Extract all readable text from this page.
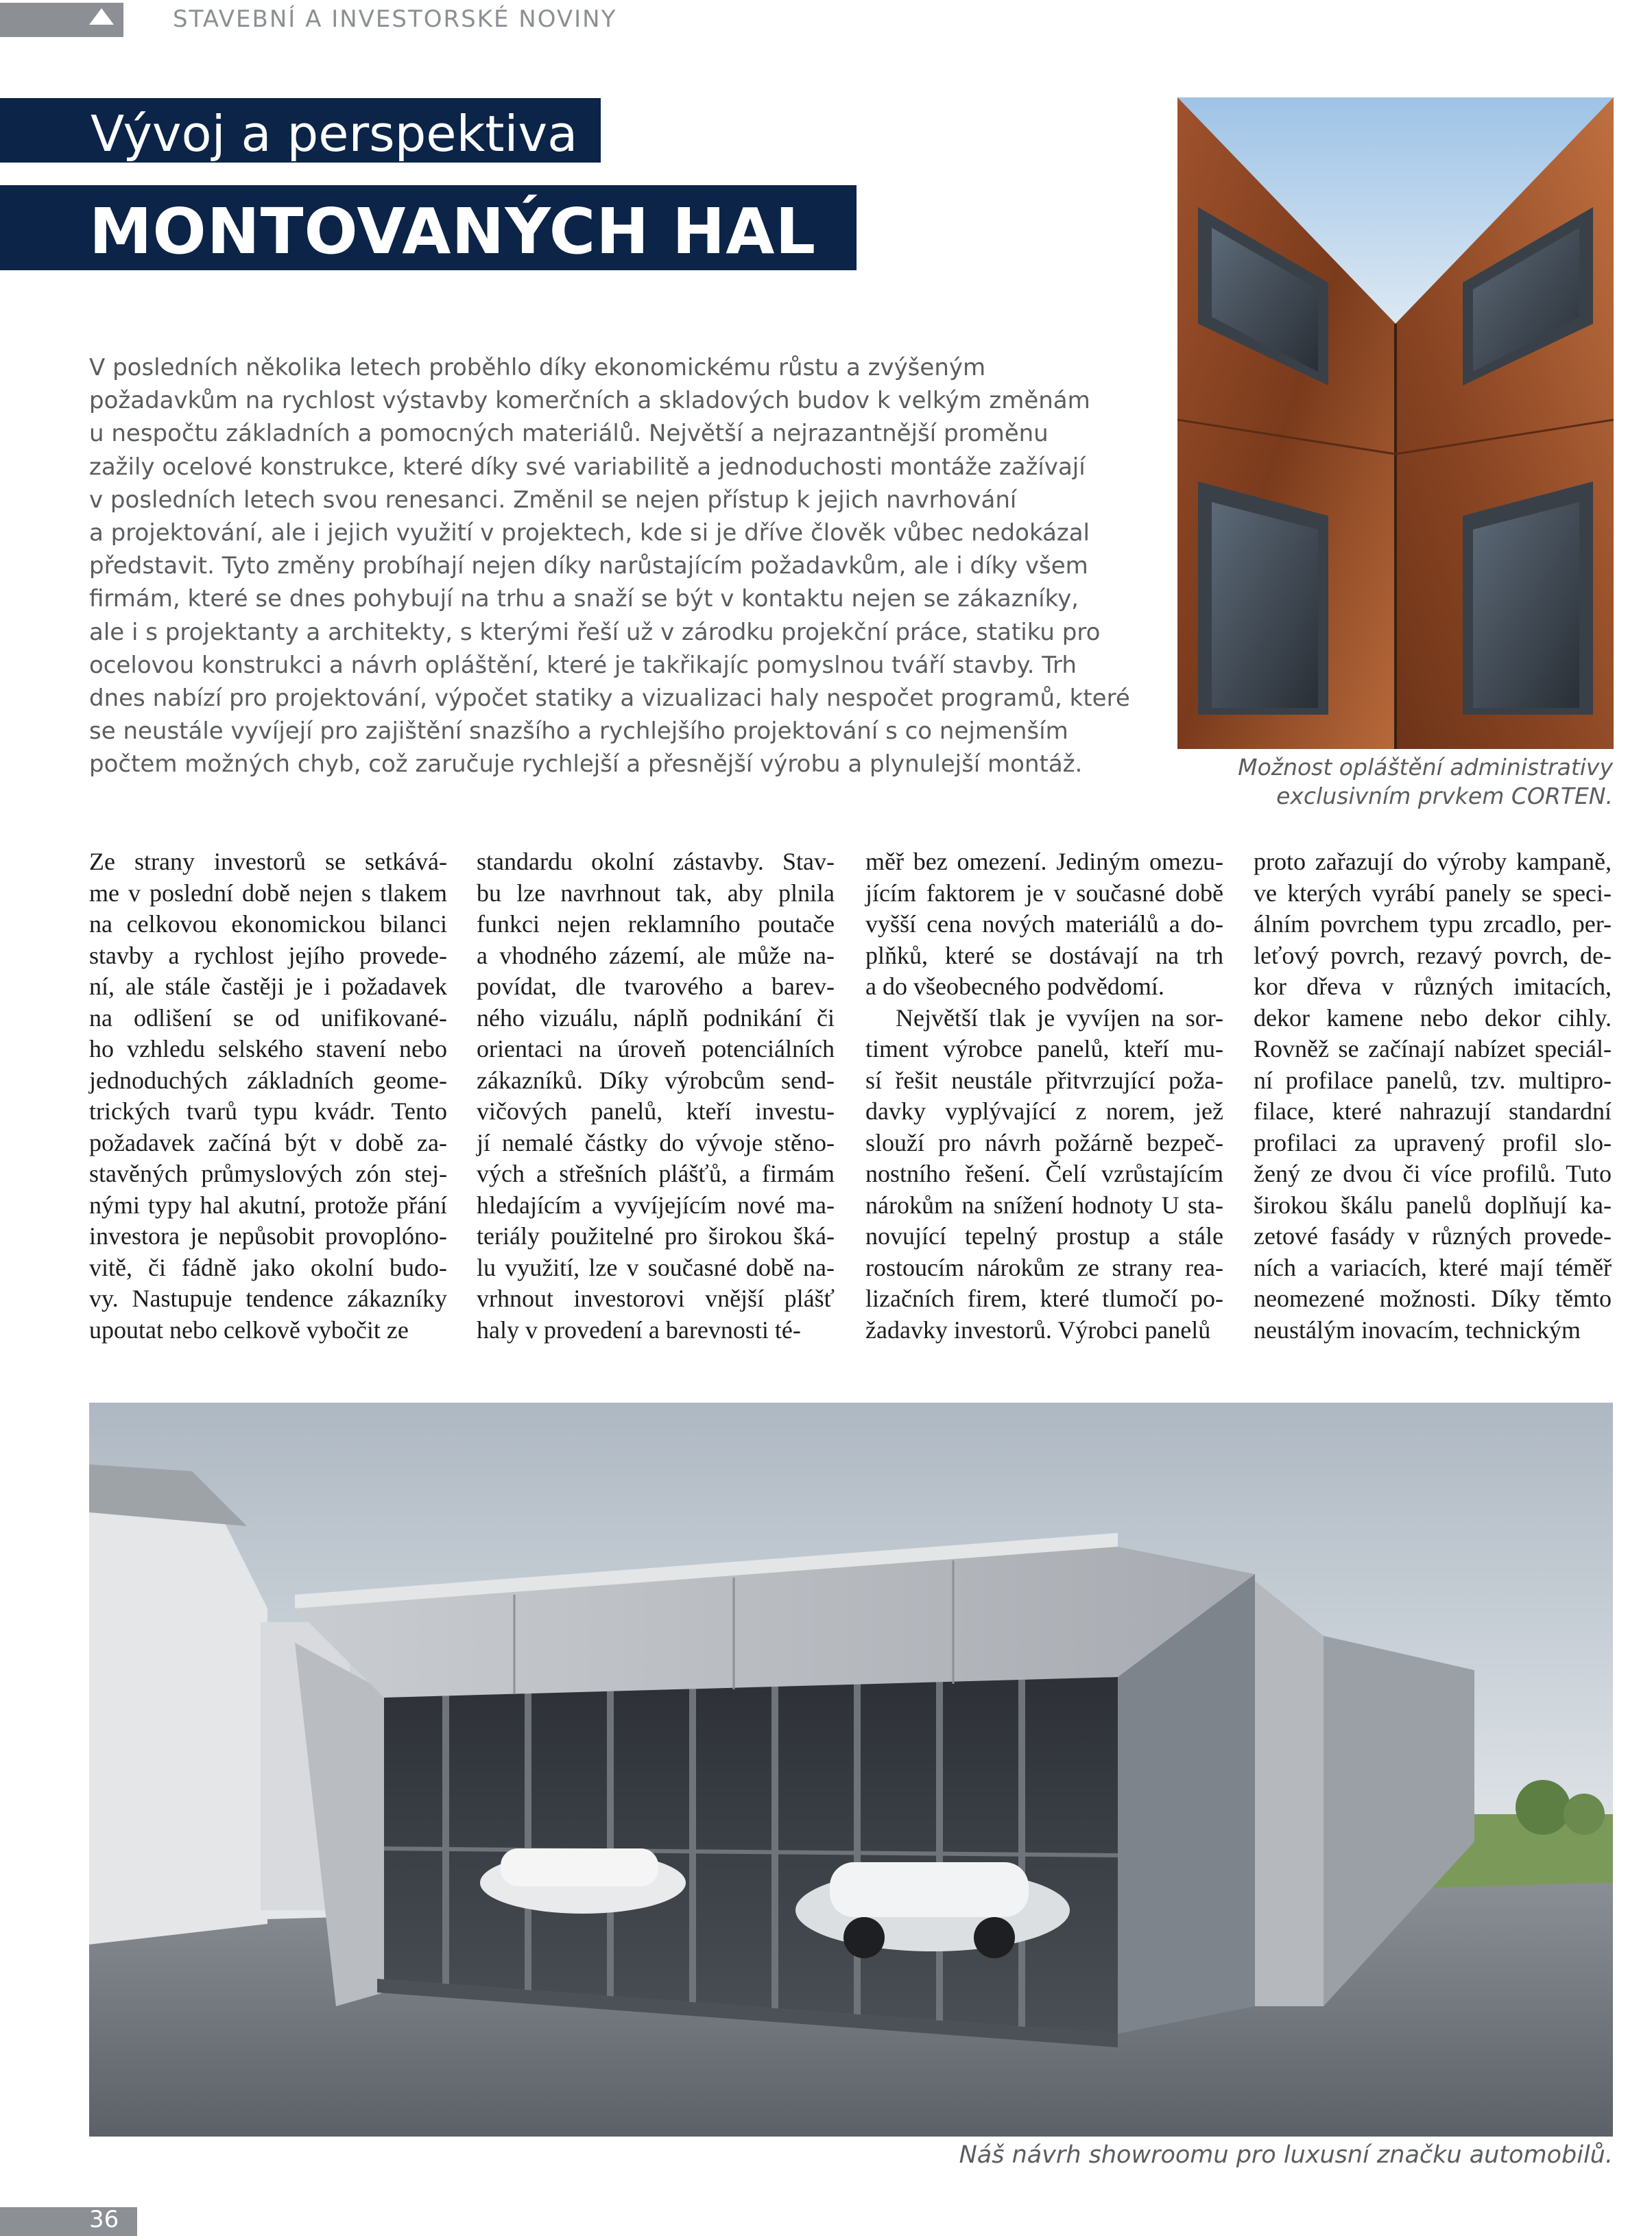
STAVEBNÍ A INVESTORSKÉ NOVINY
Vývoj a perspektiva
MONTOVANÝCH HAL
V posledních několika letech proběhlo díky ekonomickému růstu a zvýšeným
požadavkům na rychlost výstavby komerčních a skladových budov k velkým změnám
u nespočtu základních a pomocných materiálů. Největší a nejrazantnější proměnu
zažily ocelové konstrukce, které díky své variabilitě a jednoduchosti montáže zažívají
v posledních letech svou renesanci. Změnil se nejen přístup k jejich navrhování
a projektování, ale i jejich využití v projektech, kde si je dříve člověk vůbec nedokázal
představit. Tyto změny probíhají nejen díky narůstajícím požadavkům, ale i díky všem
firmám, které se dnes pohybují na trhu a snaží se být v kontaktu nejen se zákazníky,
ale i s projektanty a architekty, s kterými řeší už v zárodku projekční práce, statiku pro
ocelovou konstrukci a návrh opláštění, které je takřikajíc pomyslnou tváří stavby. Trh
dnes nabízí pro projektování, výpočet statiky a vizualizaci haly nespočet programů, které
se neustále vyvíjejí pro zajištění snazšího a rychlejšího projektování s co nejmenším
počtem možných chyb, což zaručuje rychlejší a přesnější výrobu a plynulejší montáž.	Možnost opláštění administrativy
exclusivním prvkem CORTEN.
Ze strany investorů se setkává-
me v poslední době nejen s tlakem
na celkovou ekonomickou bilanci
stavby a rychlost jejího provede-
ní, ale stále častěji je i požadavek
na odlišení se od unifikované-
ho vzhledu selského stavení nebo
jednoduchých základních geome-
trických tvarů typu kvádr. Tento
požadavek začíná být v době za-
stavěných průmyslových zón stej-
nými typy hal akutní, protože přání
investora je nepůsobit provoplóno-
vitě, či fádně jako okolní budo-
vy. Nastupuje tendence zákazníky
upoutat nebo celkově vybočit ze
standardu okolní zástavby. Stav-
bu lze navrhnout tak, aby plnila
funkci nejen reklamního poutače
a vhodného zázemí, ale může na-
povídat, dle tvarového a barev-
ného vizuálu, náplň podnikání či
orientaci na úroveň potenciálních
zákazníků. Díky výrobcům send-
vičových panelů, kteří investu-
jí nemalé částky do vývoje stěno-
vých a střešních plášťů, a firmám
hledajícím a vyvíjejícím nové ma-
teriály použitelné pro širokou šká-
lu využití, lze v současné době na-
vrhnout investorovi vnější plášť
haly v provedení a barevnosti té-
měř bez omezení. Jediným omezu-
jícím faktorem je v současné době
vyšší cena nových materiálů a do-
plňků, které se dostávají na trh
a do všeobecného podvědomí.
Největší tlak je vyvíjen na sor-
timent výrobce panelů, kteří mu-
sí řešit neustále přitvrzující poža-
davky vyplývající z norem, jež
slouží pro návrh požárně bezpeč-
nostního řešení. Čelí vzrůstajícím
nárokům na snížení hodnoty U sta-
novující tepelný prostup a stále
rostoucím nárokům ze strany rea-
lizačních firem, které tlumočí po-
žadavky investorů. Výrobci panelů
proto zařazují do výroby kampaně,
ve kterých vyrábí panely se speci-
álním povrchem typu zrcadlo, per-
leťový povrch, rezavý povrch, de-
kor dřeva v různých imitacích,
dekor kamene nebo dekor cihly.
Rovněž se začínají nabízet speciál-
ní profilace panelů, tzv. multipro-
filace, které nahrazují standardní
profilaci za upravený profil slo-
žený ze dvou či více profilů. Tuto
širokou škálu panelů doplňují ka-
zetové fasády v různých provede-
ních a variacích, které mají téměř
neomezené možnosti. Díky těmto
neustálým inovacím, technickým
Náš návrh showroomu pro luxusní značku automobilů.
36
